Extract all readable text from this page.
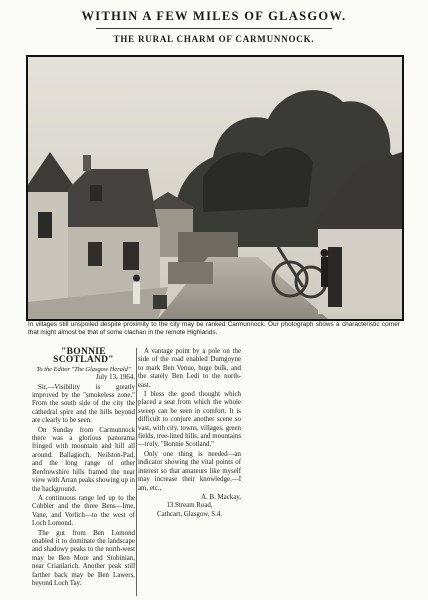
WITHIN A FEW MILES OF GLASGOW.
THE RURAL CHARM OF CARMUNNOCK.
In villages still unspoiled despite proximity to the city may be ranked Carmunnock. Our photograph shows a characteristic corner that might almost be that of some clachan in the remote Highlands.
"BONNIE SCOTLAND"
To the Editor "The Glasgow Herald"
July 13, 1964.

Sir,—Visibility is greatly improved by the "smokeless zone." From the south side of the city the cathedral spire and the hills beyond are clearly to be seen.

On Sunday from Carmunnock there was a glorious panorama fringed with mountain and hill all around. Ballagioch, Neilston-Pad, and the long range of other Renfrewshire hills framed the near view with Arran peaks showing up in the background.

A continuous range led up to the Cobbler and the three Bens—Ime, Vane, and Vorlich—to the west of Loch Lomond.

The gut from Ben Lomond enabled it to dominate the landscape and shadowy peaks to the north-west may be Ben More and Stobinian, near Crianlarich. Another peak still farther back may be Ben Lawers, beyond Loch Tay.

A vantage point by a pole on the side of the road enabled Dumgoyne to mark Ben Venue, huge bulk, and the stately Ben Ledi to the north-east.

I bless the good thought which placed a seat from which the whole sweep can be seen in comfort. It is difficult to conjure another scene so vast, with city, towns, villages, green fields, tree-lined hills, and mountains—truly, "Bonnie Scotland."

Only one thing is needed—an indicator showing the vital points of interest so that amateurs like myself may increase their knowledge.—I am, etc.,

A. B. Mackay,
13 Stream Road,
Cathcart, Glasgow, S.4.
